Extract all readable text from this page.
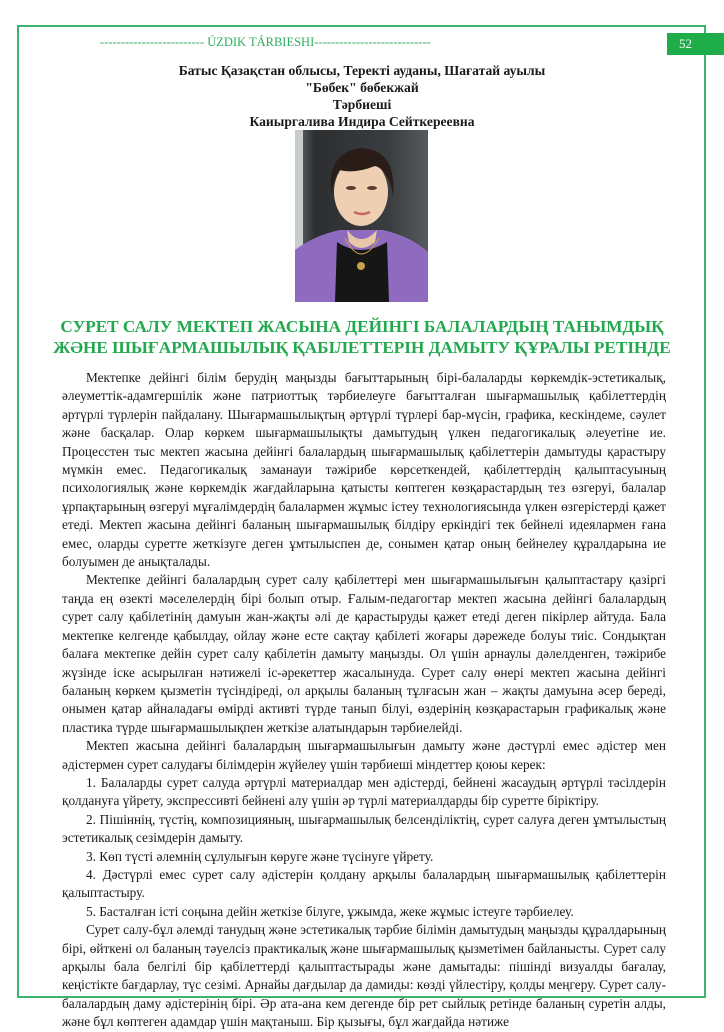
------------------------- ÚZDIK TÁRBIESHI----------------------------	52
Батыс Қазақстан облысы, Теректі ауданы, Шағатай ауылы
"Бөбек" бөбекжай
Тәрбиеші
Каиыргалива Индира Сейткереевна
СУРЕТ САЛУ МЕКТЕП ЖАСЫНА ДЕЙІНГІ БАЛАЛАРДЫҢ ТАНЫМДЫҚ
ЖӘНЕ ШЫҒАРМАШЫЛЫҚ ҚАБІЛЕТТЕРІН ДАМЫТУ ҚҰРАЛЫ РЕТІНДЕ

Мектепке дейінгі білім берудің маңызды бағыттарының бірі-балаларды көркемдік-эстетикалық, әлеуметтік-адамгершілік және патриоттық тәрбиелеуге бағытталған шығармашылық қабілеттердің әртүрлі түрлерін пайдалану. Шығармашылықтың әртүрлі түрлері бар-мүсін, графика, кескіндеме, сәулет және басқалар. Олар көркем шығармашылықты дамытудың үлкен педагогикалық әлеуетіне ие. Процесстен тыс мектеп жасына дейінгі балалардың шығармашылық қабілеттерін дамытуды қарастыру мүмкін емес. Педагогикалық заманауи тәжірибе көрсеткендей, қабілеттердің қалыптасуының психологиялық және көркемдік жағдайларына қатысты көптеген көзқарастардың тез өзгеруі, балалар ұрпақтарының өзгеруі мұғалімдердің балалармен жұмыс істеу технологиясында үлкен өзгерістерді қажет етеді. Мектеп жасына дейінгі баланың шығармашылық білдіру еркіндігі тек бейнелі идеялармен ғана емес, оларды суретте жеткізуге деген ұмтылыспен де, сонымен қатар оның бейнелеу құралдарына ие болуымен де анықталады.

Мектепке дейінгі балалардың сурет салу қабілеттері мен шығармашылығын қалыптастару қазіргі таңда ең өзекті мәселелердің бірі болып отыр. Ғалым-педагогтар мектеп жасына дейінгі балалардың сурет салу қабілетінің дамуын жан-жақты әлі де қарастыруды қажет етеді деген пікірлер айтуда. Бала мектепке келгенде қабылдау, ойлау және есте сақтау қабілеті жоғары дәрежеде болуы тиіс. Сондықтан балаға мектепке дейін сурет салу қабілетін дамыту маңызды. Ол үшін арнаулы дәлелденген, тәжірибе жүзінде іске асырылған нәтижелі іс-әрекеттер жасалынуда. Сурет салу өнері мектеп жасына дейінгі баланың көркем қызметін түсіндіреді, ол арқылы баланың тұлғасын жан – жақты дамуына әсер береді, онымен қатар айналадағы өмірді активті түрде танып білуі, өздерінің көзқарастарын графикалық және пластика түрде шығармашылықпен жеткізе алатындарын тәрбиелейді.

Мектеп жасына дейінгі балалардың шығармашылығын дамыту және дәстүрлі емес әдістер мен әдістермен сурет салудағы білімдерін жүйелеу үшін тәрбиеші міндеттер қоюы керек:

1. Балаларды сурет салуда әртүрлі материалдар мен әдістерді, бейнені жасаудың әртүрлі тәсілдерін қолдануға үйрету, экспрессивті бейнені алу үшін әр түрлі материалдарды бір суретте біріктіру.

2. Пішіннің, түстің, композицияның, шығармашылық белсенділіктің, сурет салуға деген ұмтылыстың эстетикалық сезімдерін дамыту.

3. Көп түсті әлемнің сұлулығын көруге және түсінуге үйрету.

4. Дәстүрлі емес сурет салу әдістерін қолдану арқылы балалардың шығармашылық қабілеттерін қалыптастыру.

5. Басталған істі соңына дейін жеткізе білуге, ұжымда, жеке жұмыс істеуге тәрбиелеу.

Сурет салу-бұл әлемді танудың және эстетикалық тәрбие білімін дамытудың маңызды құралдарының бірі, өйткені ол баланың тәуелсіз практикалық және шығармашылық қызметімен байланысты. Сурет салу арқылы бала белгілі бір қабілеттерді қалыптастырады және дамытады: пішінді визуалды бағалау, кеңістікте бағдарлау, түс сезімі. Арнайы дағдылар да дамиды: көзді үйлестіру, қолды меңгеру. Сурет салу-балалардың даму әдістерінің бірі. Әр ата-ана кем дегенде бір рет сыйлық ретінде баланың суретін алды, және бұл көптеген адамдар үшін мақтаныш. Бір қызығы, бұл жағдайда нәтиже
